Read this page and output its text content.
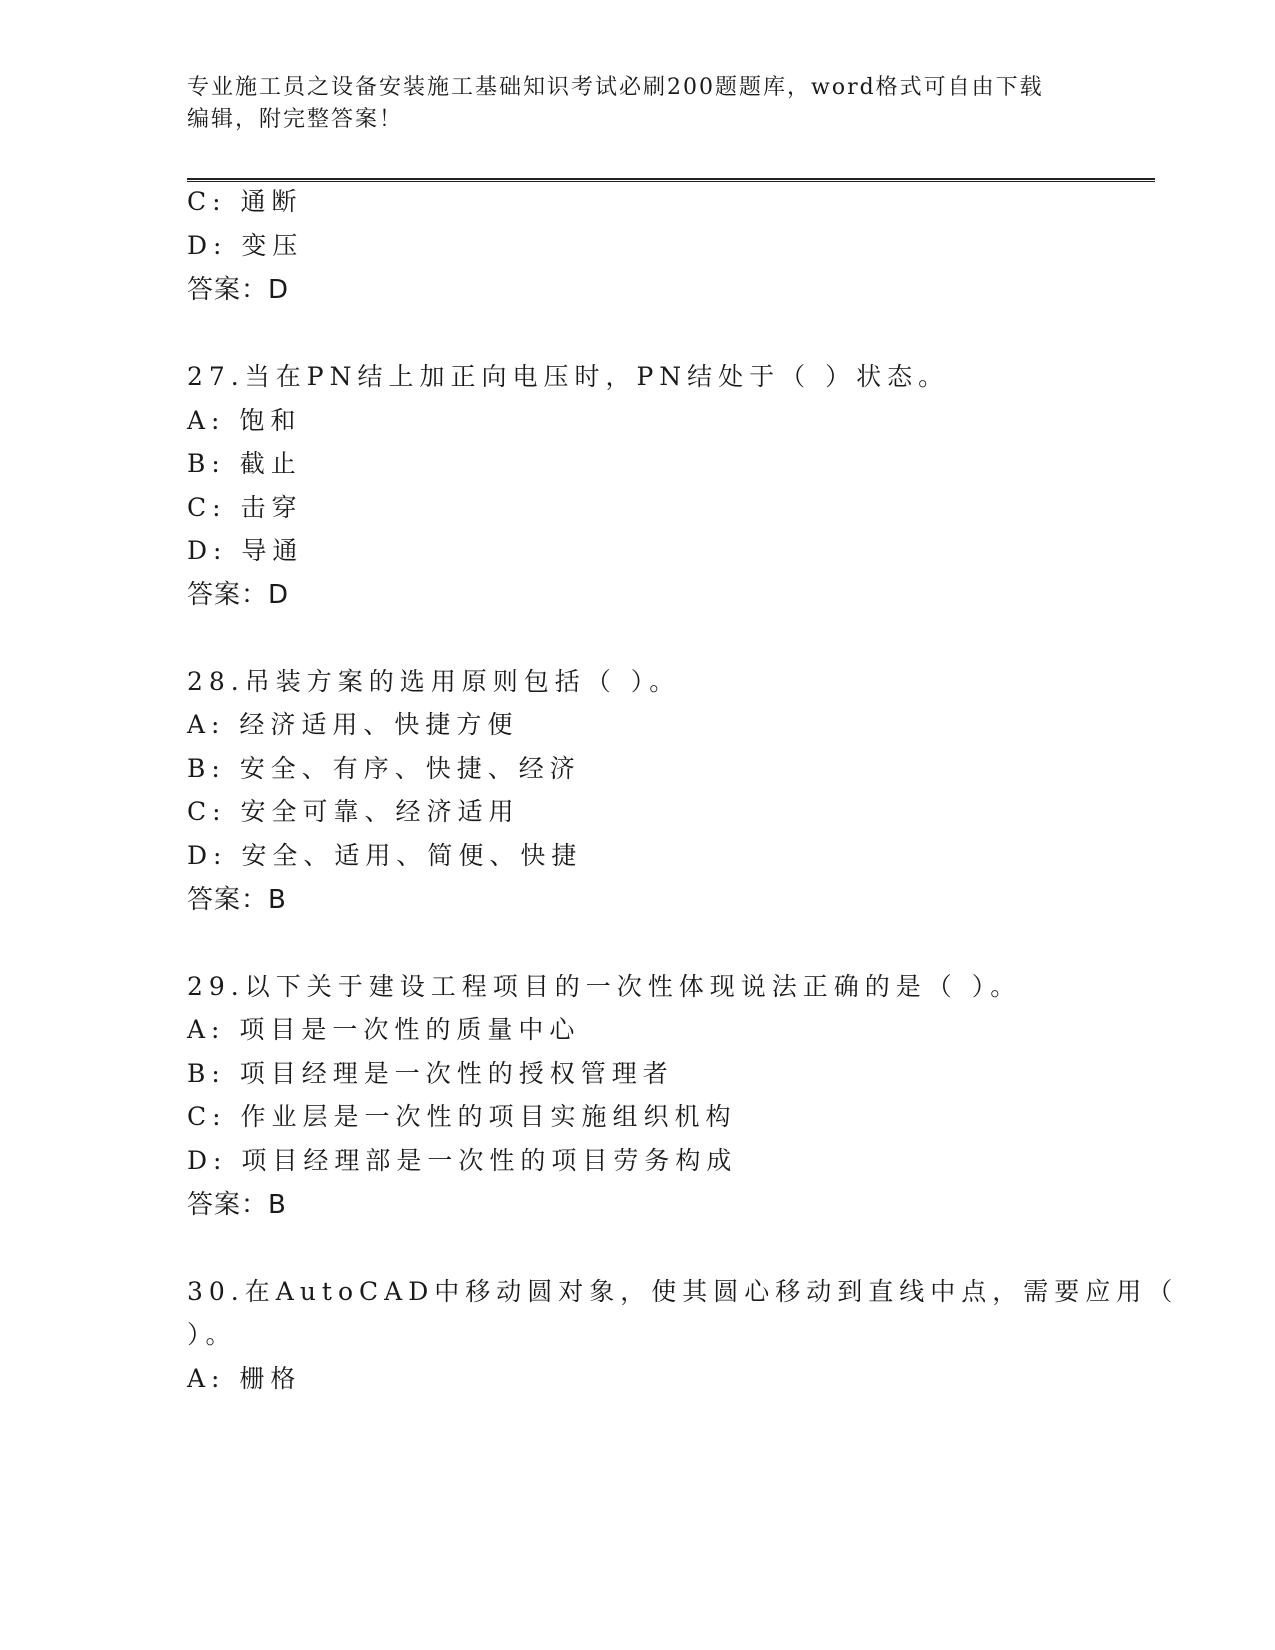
专业施工员之设备安装施工基础知识考试必刷200题题库，word格式可自由下载
编辑，附完整答案！

C: 通断
D: 变压
答案：D
27.当在PN结上加正向电压时，PN结处于（ ）状态。
A: 饱和
B: 截止
C: 击穿
D: 导通
答案：D
28.吊装方案的选用原则包括（ ）。
A: 经济适用、快捷方便
B: 安全、有序、快捷、经济
C: 安全可靠、经济适用
D: 安全、适用、简便、快捷
答案：B
29.以下关于建设工程项目的一次性体现说法正确的是（ ）。
A: 项目是一次性的质量中心
B: 项目经理是一次性的授权管理者
C: 作业层是一次性的项目实施组织机构
D: 项目经理部是一次性的项目劳务构成
答案：B
30.在AutoCAD中移动圆对象，使其圆心移动到直线中点，需要应用（
）。
A: 栅格
